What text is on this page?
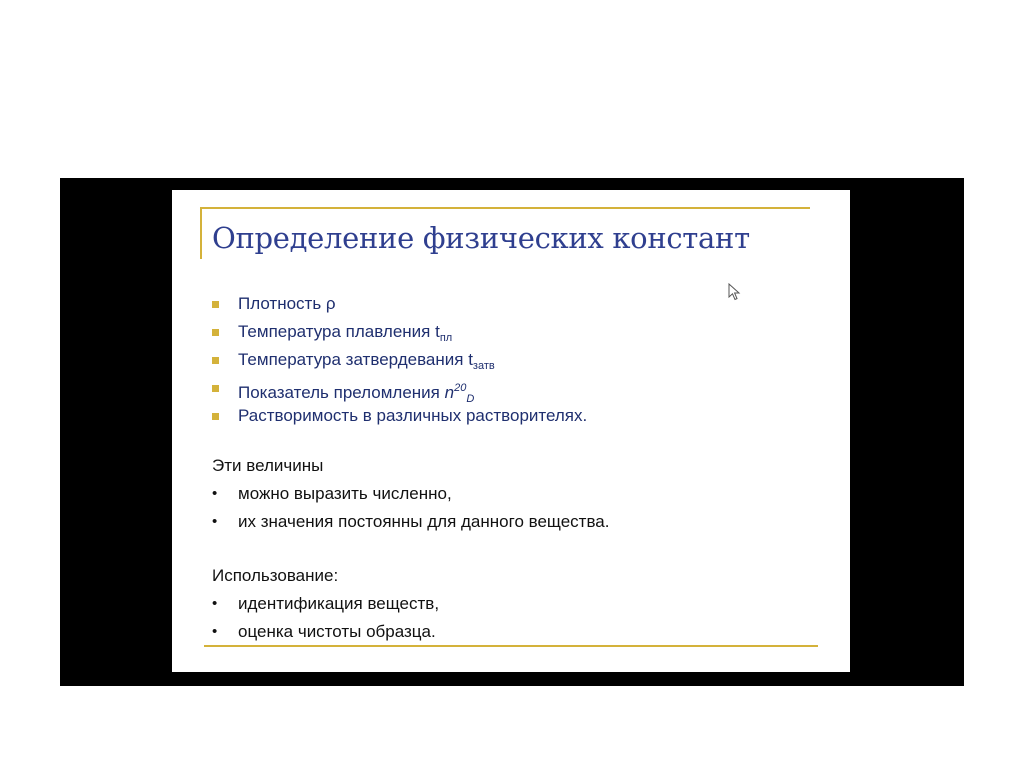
Определение физических констант
Плотность ρ
Температура плавления $t_{пл}$
Температура затвердевания $t_{затв}$
Показатель преломления $n^{20}_D$
Растворимость в различных растворителях.

Эти величины

• можно выразить численно,
• их значения постоянны для данного вещества.

Использование:

• идентификация веществ,
• оценка чистоты образца.
